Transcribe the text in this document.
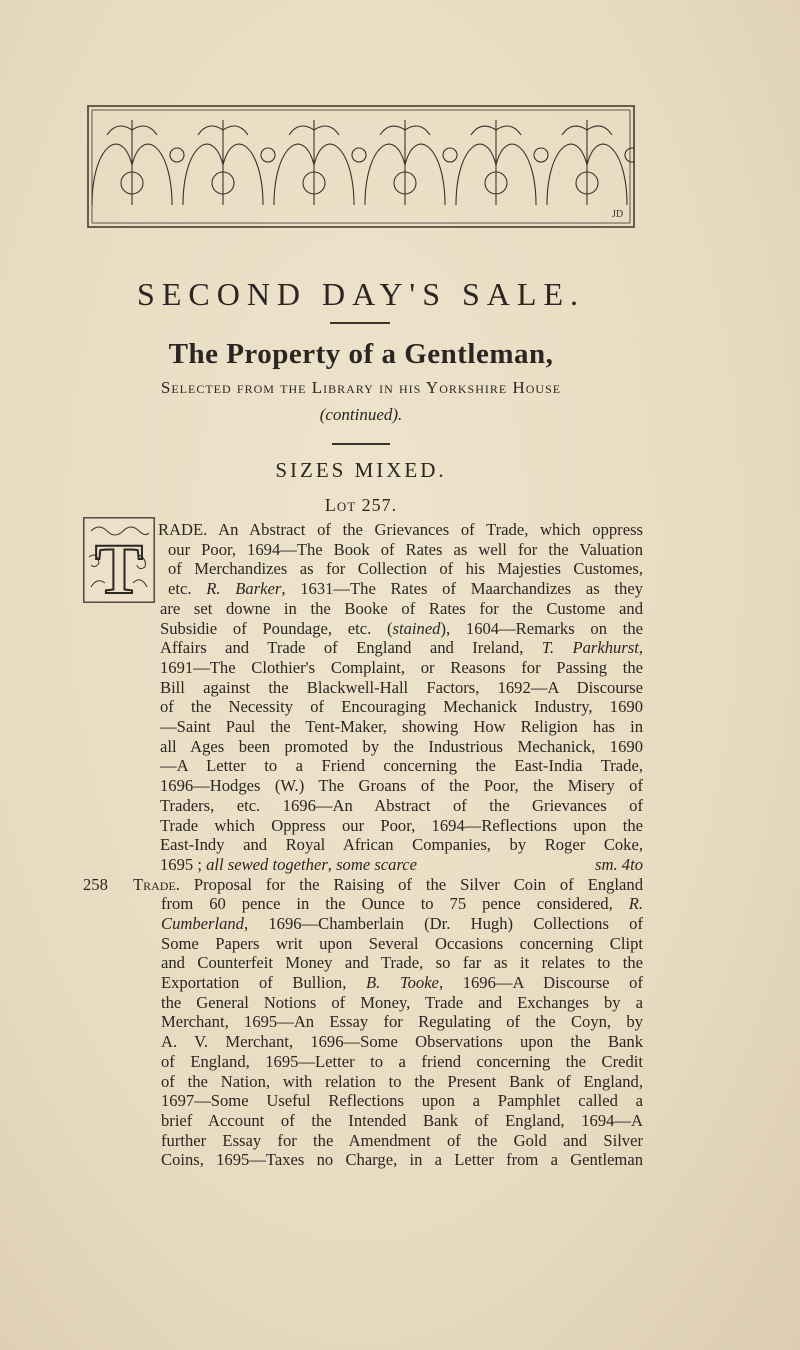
JD
SECOND DAY'S SALE.
The Property of a Gentleman,
Selected from the Library in his Yorkshire House
(continued).
SIZES MIXED.
Lot 257.
T RADE. An Abstract of the Grievances of Trade, which oppress
our Poor, 1694—The Book of Rates as well for the Valuation
of Merchandizes as for Collection of his Majesties Customes,
etc. R. Barker, 1631—The Rates of Maarchandizes as they
are set downe in the Booke of Rates for the Custome and
Subsidie of Poundage, etc. (stained), 1604—Remarks on the
Affairs and Trade of England and Ireland, T. Parkhurst,
1691—The Clothier's Complaint, or Reasons for Passing the
Bill against the Blackwell-Hall Factors, 1692—A Discourse
of the Necessity of Encouraging Mechanick Industry, 1690
—Saint Paul the Tent-Maker, showing How Religion has in
all Ages been promoted by the Industrious Mechanick, 1690
—A Letter to a Friend concerning the East-India Trade,
1696—Hodges (W.) The Groans of the Poor, the Misery of
Traders, etc. 1696—An Abstract of the Grievances of
Trade which Oppress our Poor, 1694—Reflections upon the
East-Indy and Royal African Companies, by Roger Coke,
1695 ; all sewed together, some scarce	sm. 4to
258 Trade. Proposal for the Raising of the Silver Coin of England
from 60 pence in the Ounce to 75 pence considered, R.
Cumberland, 1696—Chamberlain (Dr. Hugh) Collections of
Some Papers writ upon Several Occasions concerning Clipt
and Counterfeit Money and Trade, so far as it relates to the
Exportation of Bullion, B. Tooke, 1696—A Discourse of
the General Notions of Money, Trade and Exchanges by a
Merchant, 1695—An Essay for Regulating of the Coyn, by
A. V. Merchant, 1696—Some Observations upon the Bank
of England, 1695—Letter to a friend concerning the Credit
of the Nation, with relation to the Present Bank of England,
1697—Some Useful Reflections upon a Pamphlet called a
brief Account of the Intended Bank of England, 1694—A
further Essay for the Amendment of the Gold and Silver
Coins, 1695—Taxes no Charge, in a Letter from a Gentleman
